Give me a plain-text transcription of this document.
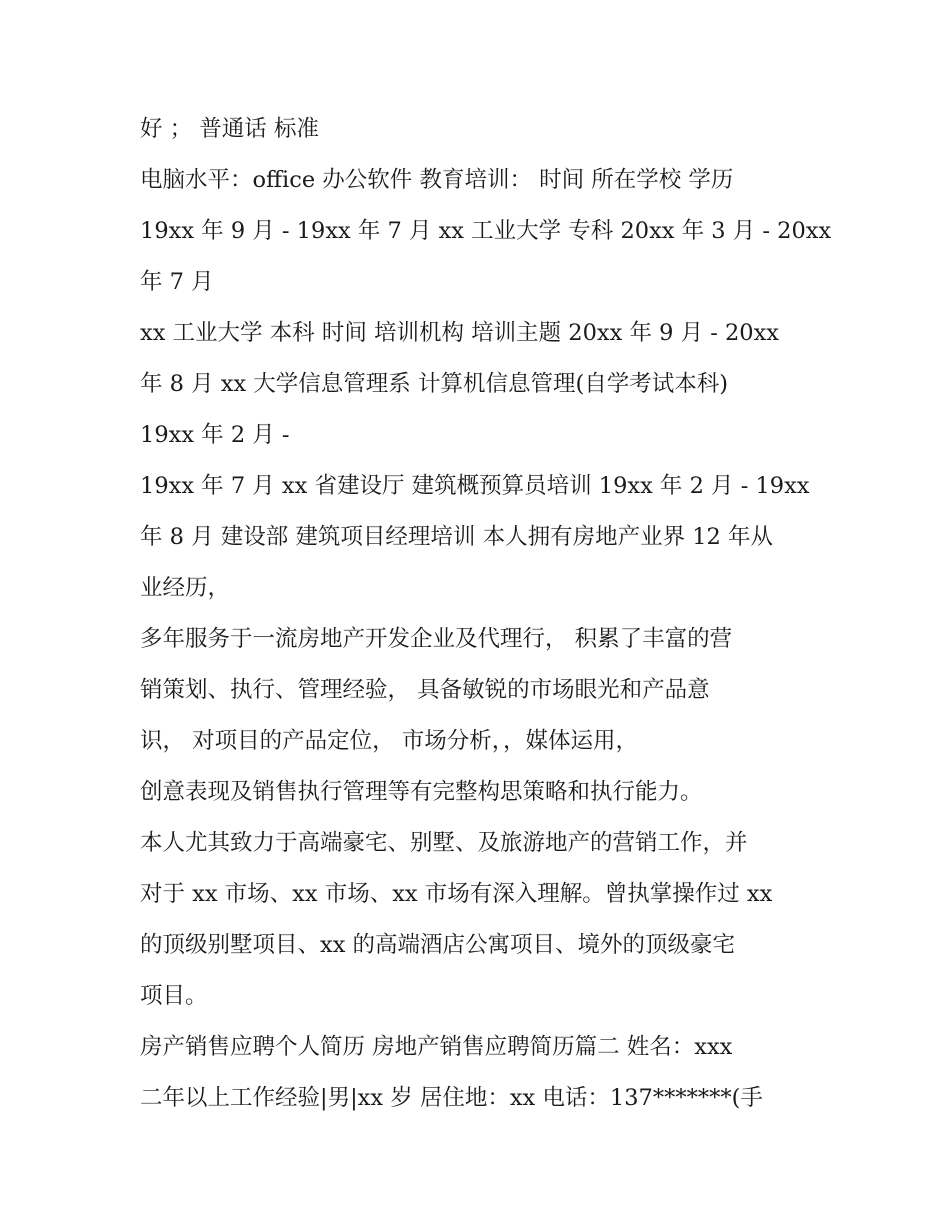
好 ； 普通话 标准
电脑水平：office 办公软件 教育培训： 时间 所在学校 学历
19xx 年 9 月 - 19xx 年 7 月 xx 工业大学 专科 20xx 年 3 月 - 20xx
年 7 月
xx 工业大学 本科 时间 培训机构 培训主题 20xx 年 9 月 - 20xx
年 8 月 xx 大学信息管理系 计算机信息管理(自学考试本科)
19xx 年 2 月 -
19xx 年 7 月 xx 省建设厅 建筑概预算员培训 19xx 年 2 月 - 19xx
年 8 月 建设部 建筑项目经理培训 本人拥有房地产业界 12 年从
业经历，
多年服务于一流房地产开发企业及代理行， 积累了丰富的营
销策划、执行、管理经验， 具备敏锐的市场眼光和产品意
识， 对项目的产品定位， 市场分析，，媒体运用，
创意表现及销售执行管理等有完整构思策略和执行能力。
本人尤其致力于高端豪宅、别墅、及旅游地产的营销工作，并
对于 xx 市场、xx 市场、xx 市场有深入理解。曾执掌操作过 xx
的顶级别墅项目、xx 的高端酒店公寓项目、境外的顶级豪宅
项目。
房产销售应聘个人简历 房地产销售应聘简历篇二 姓名：xxx
二年以上工作经验|男|xx 岁 居住地：xx 电话：137*******(手
